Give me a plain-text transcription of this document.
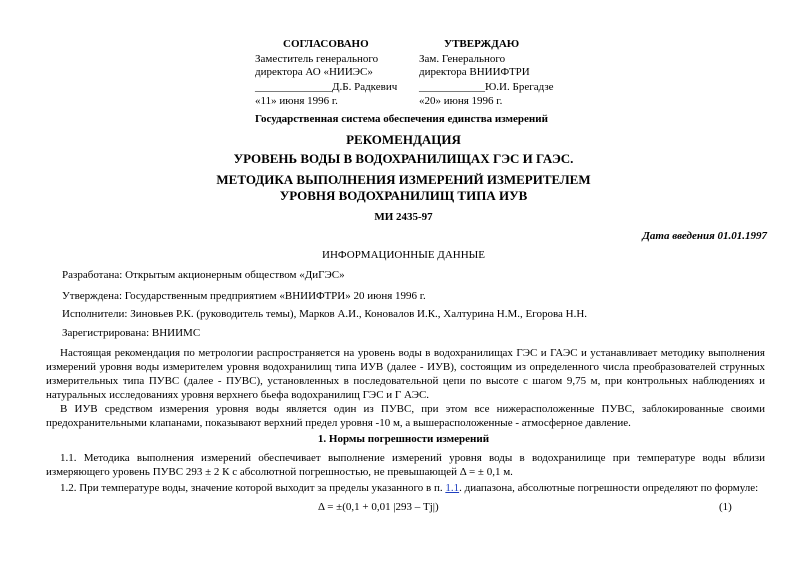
СОГЛАСОВАНО
Заместитель генерального
директора АО «НИИЭС»
______________Д.Б. Радкевич
«11» июня 1996 г.
УТВЕРЖДАЮ
Зам. Генерального
директора ВНИИФТРИ
____________Ю.И. Брегадзе
«20» июня 1996 г.
Государственная система обеспечения единства измерений
РЕКОМЕНДАЦИЯ
УРОВЕНЬ ВОДЫ В ВОДОХРАНИЛИЩАХ ГЭС И ГАЭС.
МЕТОДИКА ВЫПОЛНЕНИЯ ИЗМЕРЕНИЙ ИЗМЕРИТЕЛЕМ
УРОВНЯ ВОДОХРАНИЛИЩ ТИПА ИУВ
МИ 2435-97
Дата введения 01.01.1997
ИНФОРМАЦИОННЫЕ ДАННЫЕ
Разработана: Открытым акционерным обществом «ДиГЭС»
Утверждена: Государственным предприятием «ВНИИФТРИ» 20 июня 1996 г.
Исполнители: Зиновьев Р.К. (руководитель темы), Марков А.И., Коновалов И.К., Халтурина Н.М., Егорова Н.Н.
Зарегистрирована: ВНИИМС
Настоящая рекомендация по метрологии распространяется на уровень воды в водохранилищах ГЭС и ГАЭС и устанавливает методику выполнения измерений уровня воды измерителем уровня водохранилищ типа ИУВ (далее - ИУВ), состоящим из определенного числа преобразователей струнных измерительных типа ПУВС (далее - ПУВС), установленных в последовательной цепи по высоте с шагом 9,75 м, при контрольных наблюдениях и натуральных исследованиях уровня верхнего бьефа водохранилищ ГЭС и Г АЭС.
В ИУВ средством измерения уровня воды является один из ПУВС, при этом все нижерасположенные ПУВС, заблокированные своими предохранительными клапанами, показывают верхний предел уровня -10 м, а вышерасположенные - атмосферное давление.
1. Нормы погрешности измерений
1.1. Методика выполнения измерений обеспечивает выполнение измерений уровня воды в водохранилище при температуре воды вблизи измеряющего уровень ПУВС 293 ± 2 К с абсолютной погрешностью, не превышающей Δ = ± 0,1 м.
1.2. При температуре воды, значение которой выходит за пределы указанного в п. 1.1. диапазона, абсолютные погрешности определяют по формуле:
Δ = ±(0,1 + 0,01 |293 – Tj|)	(1)
